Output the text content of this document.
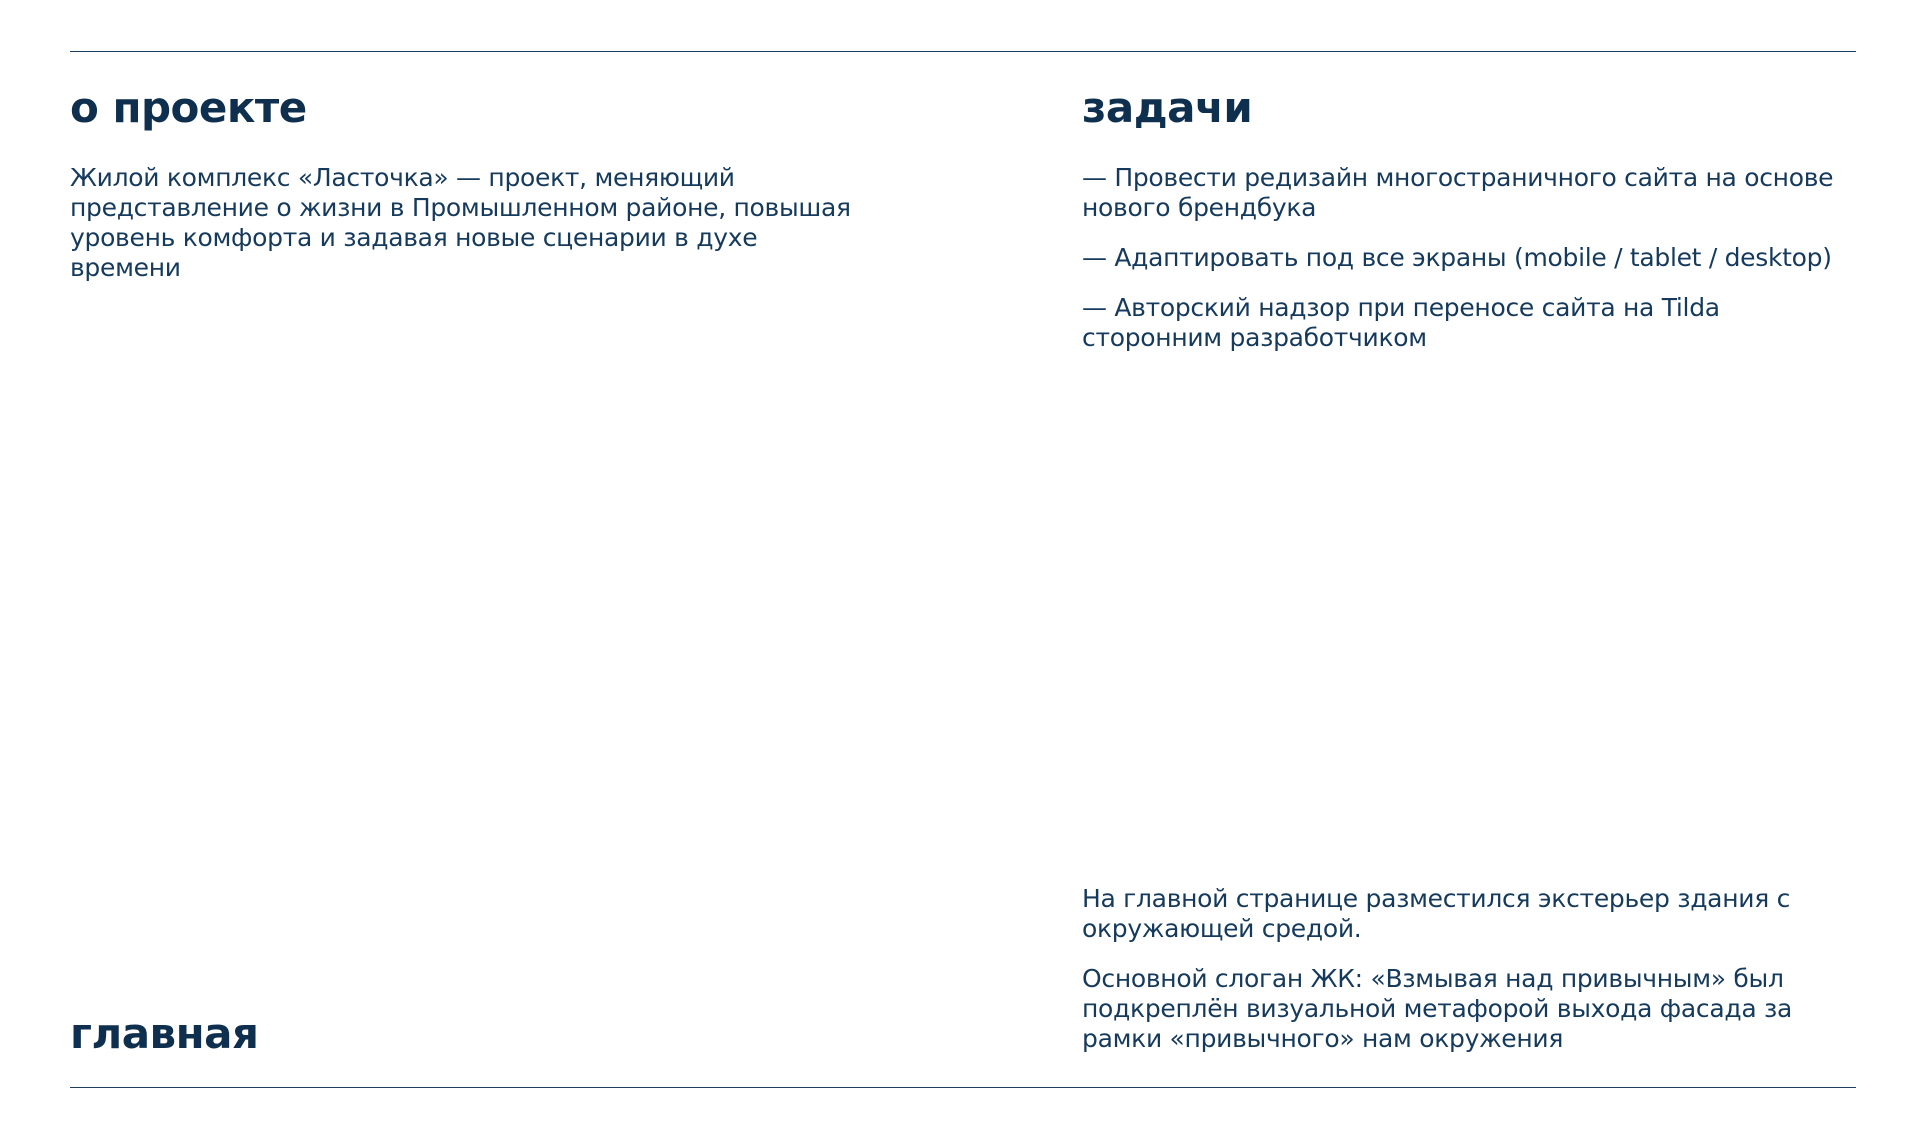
о проекте

Жилой комплекс «Ласточка» — проект, меняющий представление о жизни в Промышленном районе, повышая уровень комфорта и задавая новые сценарии в духе времени

задачи

— Провести редизайн многостраничного сайта на основе нового брендбука

— Адаптировать под все экраны (mobile / tablet / desktop)

— Авторский надзор при переносе сайта на Tilda сторонним разработчиком

главная

На главной странице разместился экстерьер здания с окружающей средой.

Основной слоган ЖК: «Взмывая над привычным» был подкреплён визуальной метафорой выхода фасада за рамки «привычного» нам окружения
